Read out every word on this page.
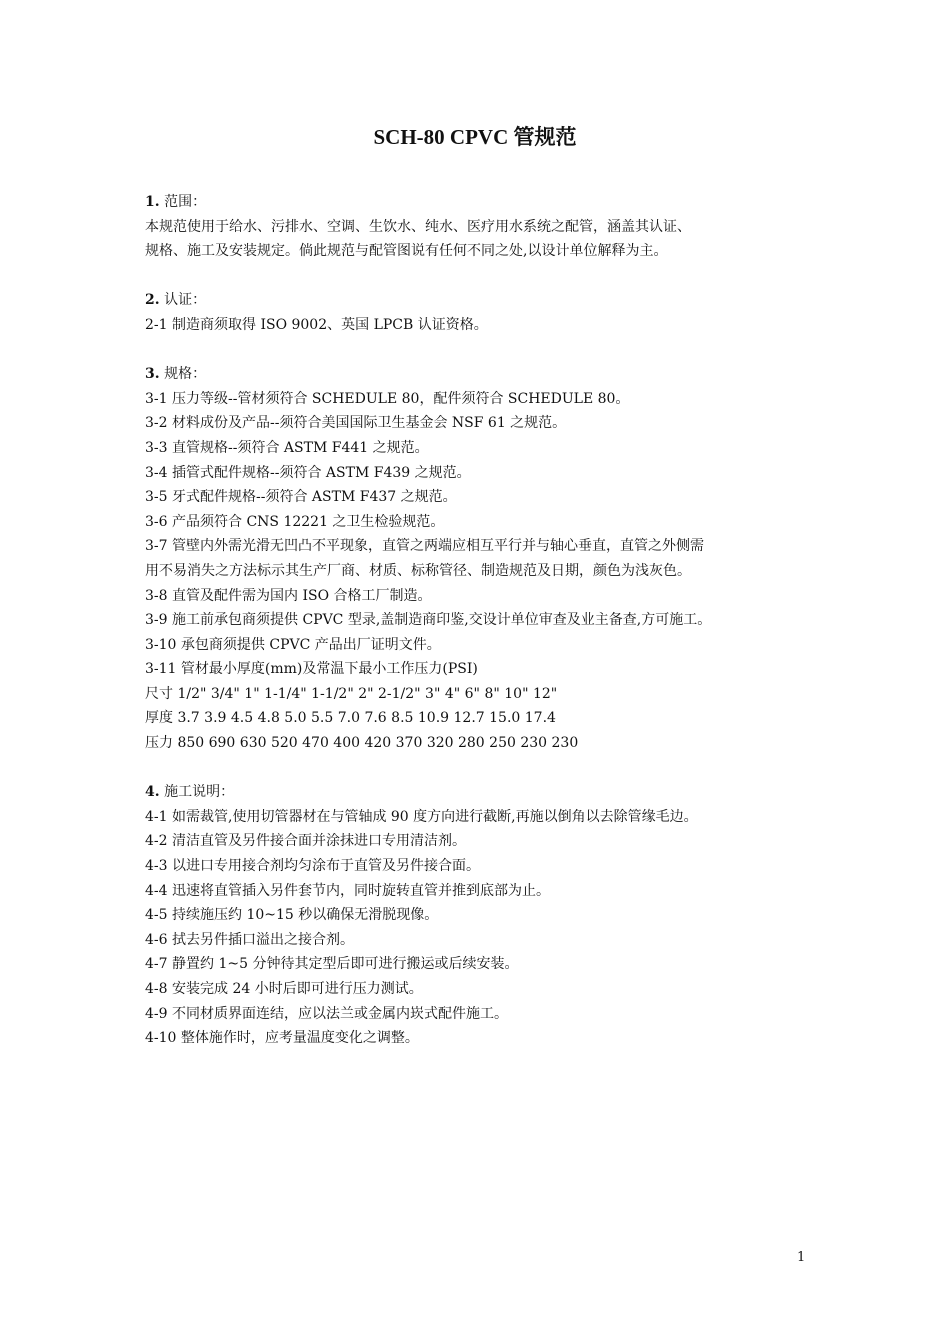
SCH-80 CPVC 管规范
1. 范围：
本规范使用于给水、污排水、空调、生饮水、纯水、医疗用水系统之配管，涵盖其认证、
规格、施工及安装规定。倘此规范与配管图说有任何不同之处,以设计单位解释为主。
2. 认证：
2-1 制造商须取得 ISO 9002、英国 LPCB 认证资格。
3. 规格：
3-1 压力等级--管材须符合 SCHEDULE 80，配件须符合 SCHEDULE 80。
3-2 材料成份及产品--须符合美国国际卫生基金会 NSF 61 之规范。
3-3 直管规格--须符合 ASTM F441 之规范。
3-4 插管式配件规格--须符合 ASTM F439 之规范。
3-5 牙式配件规格--须符合 ASTM F437 之规范。
3-6 产品须符合 CNS 12221 之卫生检验规范。
3-7 管壁内外需光滑无凹凸不平现象，直管之两端应相互平行并与轴心垂直，直管之外侧需
用不易消失之方法标示其生产厂商、材质、标称管径、制造规范及日期，颜色为浅灰色。
3-8 直管及配件需为国内 ISO 合格工厂制造。
3-9 施工前承包商须提供 CPVC 型录,盖制造商印鉴,交设计单位审查及业主备查,方可施工。
3-10 承包商须提供 CPVC 产品出厂证明文件。
3-11 管材最小厚度(mm)及常温下最小工作压力(PSI)
尺寸 1/2" 3/4" 1" 1-1/4" 1-1/2" 2" 2-1/2" 3" 4" 6" 8" 10" 12"
厚度 3.7 3.9 4.5 4.8 5.0 5.5 7.0 7.6 8.5 10.9 12.7 15.0 17.4
压力 850 690 630 520 470 400 420 370 320 280 250 230 230
4. 施工说明：
4-1 如需裁管,使用切管器材在与管轴成 90 度方向进行截断,再施以倒角以去除管缘毛边。
4-2 清洁直管及另件接合面并涂抹进口专用清洁剂。
4-3 以进口专用接合剂均匀涂布于直管及另件接合面。
4-4 迅速将直管插入另件套节内，同时旋转直管并推到底部为止。
4-5 持续施压约 10~15 秒以确保无滑脱现像。
4-6 拭去另件插口溢出之接合剂。
4-7 静置约 1~5 分钟待其定型后即可进行搬运或后续安装。
4-8 安装完成 24 小时后即可进行压力测试。
4-9 不同材质界面连结，应以法兰或金属内崁式配件施工。
4-10 整体施作时，应考量温度变化之调整。
1
